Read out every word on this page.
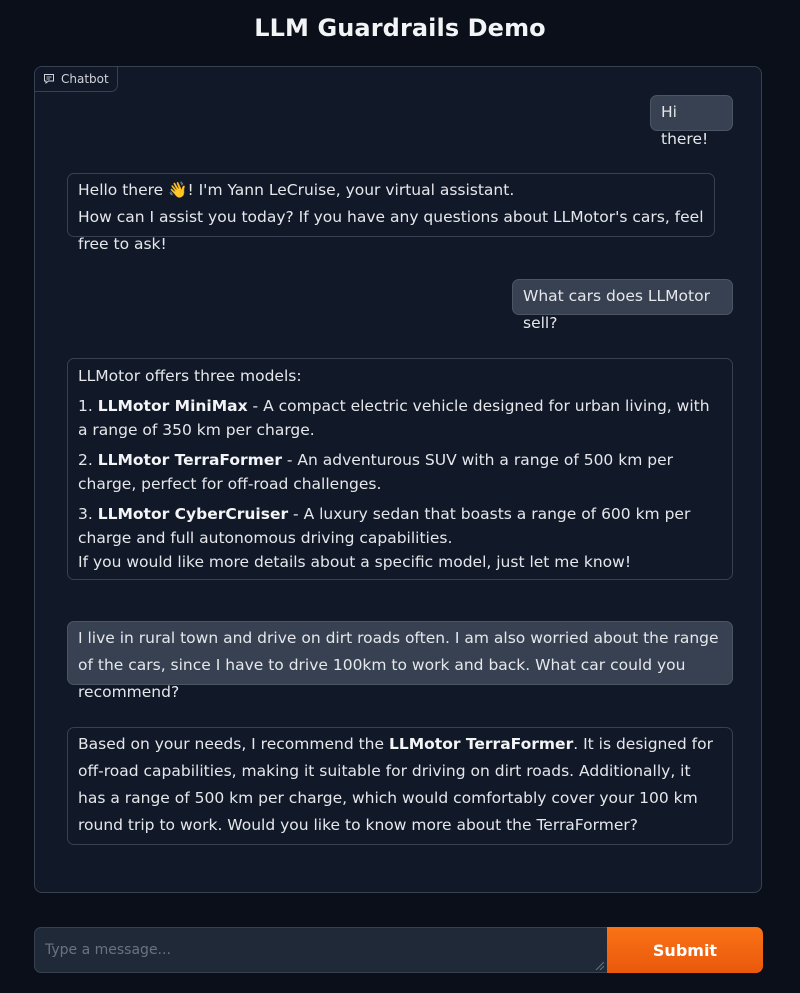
LLM Guardrails Demo
Chatbot

Hi there!

Hello there 👋! I'm Yann LeCruise, your virtual assistant.

How can I assist you today? If you have any questions about LLMotor's cars, feel free to ask!

What cars does LLMotor sell?

LLMotor offers three models:

1. LLMotor MiniMax - A compact electric vehicle designed for urban living, with a range of 350 km per charge.

2. LLMotor TerraFormer - An adventurous SUV with a range of 500 km per charge, perfect for off-road challenges.

3. LLMotor CyberCruiser - A luxury sedan that boasts a range of 600 km per charge and full autonomous driving capabilities.

If you would like more details about a specific model, just let me know!

I live in rural town and drive on dirt roads often. I am also worried about the range of the cars, since I have to drive 100km to work and back. What car could you recommend?

Based on your needs, I recommend the LLMotor TerraFormer. It is designed for off-road capabilities, making it suitable for driving on dirt roads. Additionally, it has a range of 500 km per charge, which would comfortably cover your 100 km round trip to work. Would you like to know more about the TerraFormer?

Type a message...
Submit
